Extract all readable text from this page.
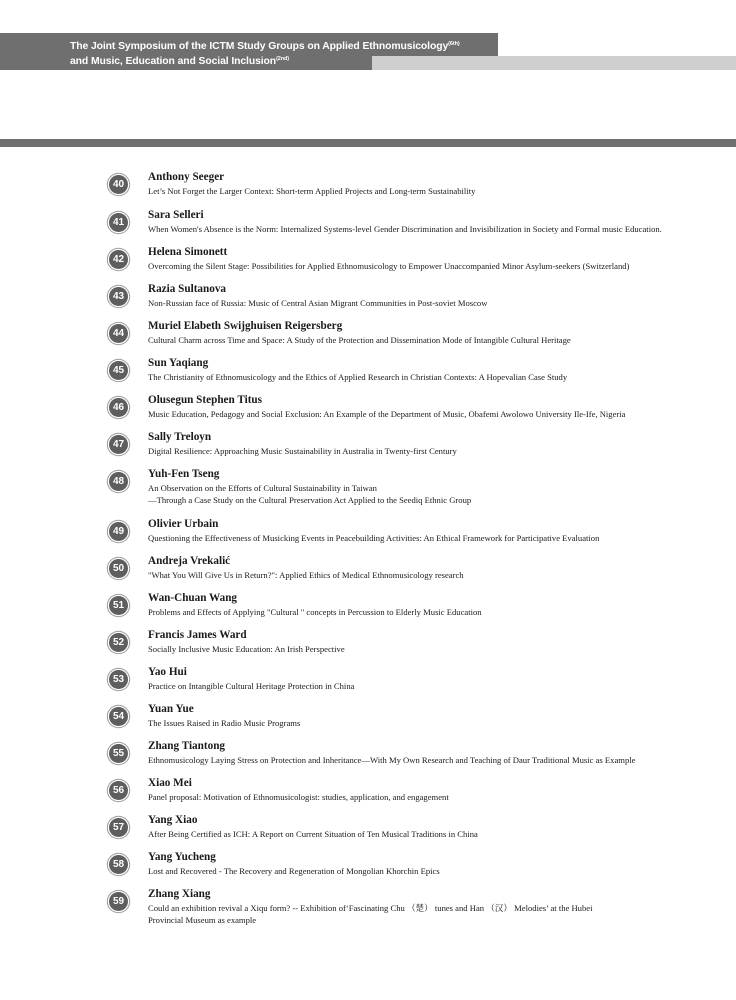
The Joint Symposium of the ICTM Study Groups on Applied Ethnomusicology$^{(6th)}$
and Music, Education and Social Inclusion$^{(2nd)}$
40
Anthony Seeger
Let’s Not Forget the Larger Context: Short-term Applied Projects and Long-term Sustainability
41
Sara Selleri
When Women's Absence is the Norm: Internalized Systems-level Gender Discrimination and Invisibilization in Society and Formal music Education.
42
Helena Simonett
Overcoming the Silent Stage: Possibilities for Applied Ethnomusicology to Empower Unaccompanied Minor Asylum-seekers (Switzerland)
43
Razia Sultanova
Non-Russian face of Russia: Music of Central Asian Migrant Communities in Post-soviet Moscow
44
Muriel Elabeth Swijghuisen Reigersberg
Cultural Charm across Time and Space: A Study of the Protection and Dissemination Mode of Intangible Cultural Heritage
45
Sun Yaqiang
The Christianity of Ethnomusicology and the Ethics of Applied Research in Christian Contexts: A Hopevalian Case Study
46
Olusegun Stephen Titus
Music Education, Pedagogy and Social Exclusion: An Example of the Department of Music, Obafemi Awolowo University Ile-Ife, Nigeria
47
Sally Treloyn
Digital Resilience: Approaching Music Sustainability in Australia in Twenty-first Century
48
Yuh-Fen Tseng
An Observation on the Efforts of Cultural Sustainability in Taiwan
—Through a Case Study on the Cultural Preservation Act Applied to the Seediq Ethnic Group
49
Olivier Urbain
Questioning the Effectiveness of Musicking Events in Peacebuilding Activities: An Ethical Framework for Participative Evaluation
50
Andreja Vrekalić
"What You Will Give Us in Return?": Applied Ethics of Medical Ethnomusicology research
51
Wan-Chuan Wang
Problems and Effects of Applying "Cultural " concepts in Percussion to Elderly Music Education
52
Francis James Ward
Socially Inclusive Music Education: An Irish Perspective
53
Yao Hui
Practice on Intangible Cultural Heritage Protection in China
54
Yuan Yue
The Issues Raised in Radio Music Programs
55
Zhang Tiantong
Ethnomusicology Laying Stress on Protection and Inheritance—With My Own Research and Teaching of Daur Traditional Music as Example
56
Xiao Mei
Panel proposal: Motivation of Ethnomusicologist: studies, application, and engagement
57
Yang Xiao
After Being Certified as ICH: A Report on Current Situation of Ten Musical Traditions in China
58
Yang Yucheng
Lost and Recovered - The Recovery and Regeneration of Mongolian Khorchin Epics
59
Zhang Xiang
Could an exhibition revival a Xiqu form? -- Exhibition of‘Fascinating Chu （楚） tunes and Han （汉） Melodies’ at the Hubei
Provincial Museum as example
